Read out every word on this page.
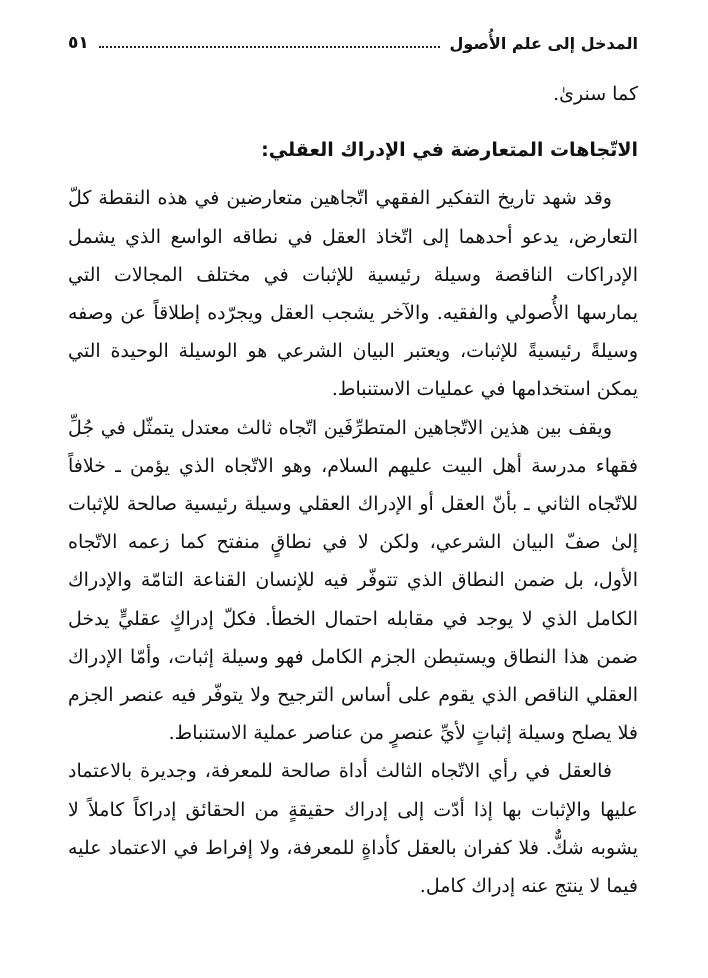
المدخل إلى علم الأُصول
٥١

كما سنرىٰ.

الاتّجاهات المتعارضة في الإدراك العقلي:

وقد شهد تاريخ التفكير الفقهي اتّجاهين متعارضين في هذه النقطة كلّ التعارض، يدعو أحدهما إلى اتّخاذ العقل في نطاقه الواسع الذي يشمل الإدراكات الناقصة وسيلة رئيسية للإثبات في مختلف المجالات التي يمارسها الأُصولي والفقيه. والآخر يشجب العقل ويجرّده إطلاقاً عن وصفه وسيلةً رئيسيةً للإثبات، ويعتبر البيان الشرعي هو الوسيلة الوحيدة التي يمكن استخدامها في عمليات الاستنباط.

ويقف بين هذين الاتّجاهين المتطرِّفَين اتّجاه ثالث معتدل يتمثّل في جُلِّ فقهاء مدرسة أهل البيت عليهم السلام، وهو الاتّجاه الذي يؤمن ـ خلافاً للاتّجاه الثاني ـ بأنّ العقل أو الإدراك العقلي وسيلة رئيسية صالحة للإثبات إلىٰ صفّ البيان الشرعي، ولكن لا في نطاقٍ منفتح كما زعمه الاتّجاه الأول، بل ضمن النطاق الذي تتوفّر فيه للإنسان القناعة التامّة والإدراك الكامل الذي لا يوجد في مقابله احتمال الخطأ. فكلّ إدراكٍ عقليٍّ يدخل ضمن هذا النطاق ويستبطن الجزم الكامل فهو وسيلة إثبات، وأمّا الإدراك العقلي الناقص الذي يقوم على أساس الترجيح ولا يتوفّر فيه عنصر الجزم فلا يصلح وسيلة إثباتٍ لأيِّ عنصرٍ من عناصر عملية الاستنباط.

فالعقل في رأي الاتّجاه الثالث أداة صالحة للمعرفة، وجديرة بالاعتماد عليها والإثبات بها إذا أدّت إلى إدراك حقيقةٍ من الحقائق إدراكاً كاملاً لا يشوبه شكٌّ. فلا كفران بالعقل كأداةٍ للمعرفة، ولا إفراط في الاعتماد عليه فيما لا ينتج عنه إدراك كامل.
